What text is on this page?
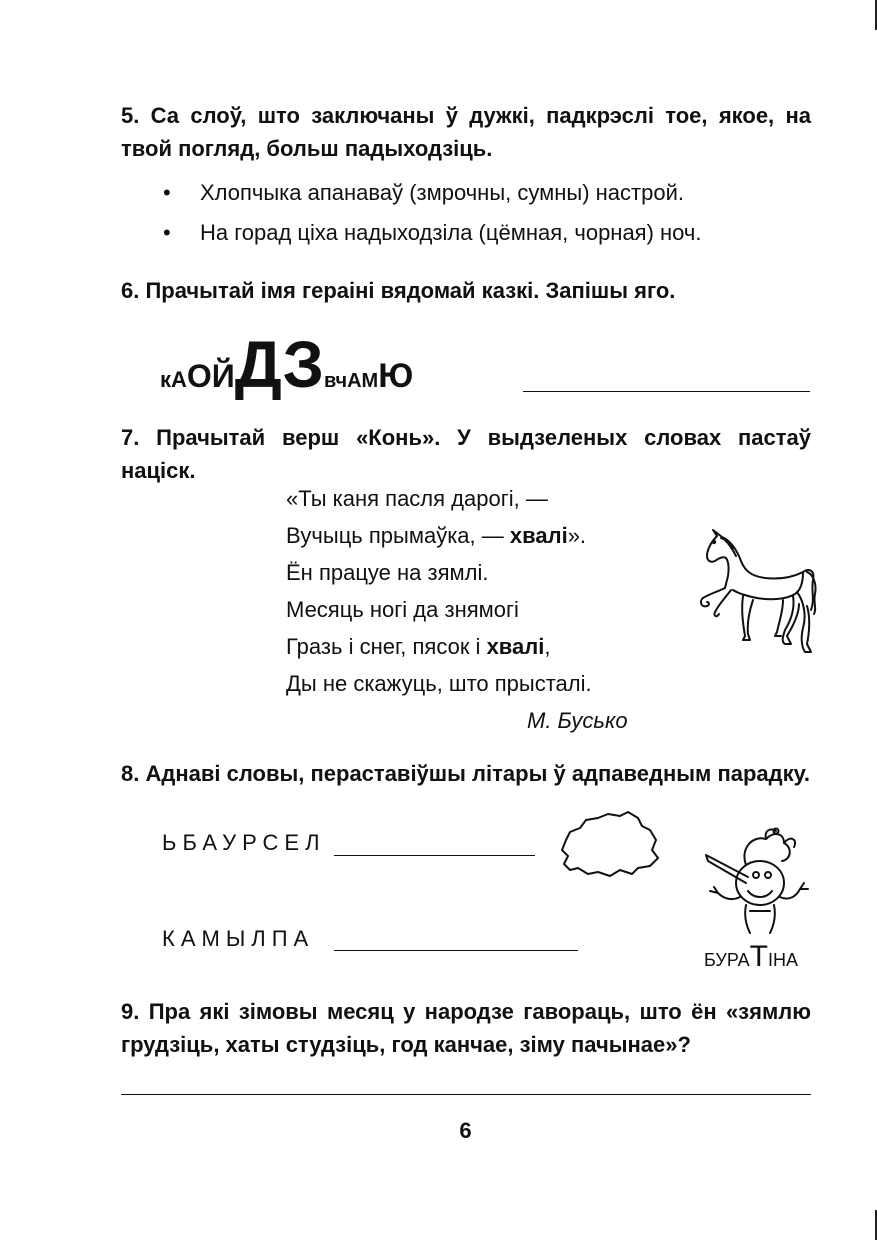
5. Са слоў, што заключаны ў дужкі, падкрэслі тое, якое, на твой погляд, больш падыходзіць.

• Хлопчыка апанаваў (змрочны, сумны) настрой.
• На горад ціха надыходзіла (цёмная, чорная) ноч.

6. Прачытай імя гераіні вядомай казкі. Запішы яго.

кА ОЙ ДЗ вчАМ Ю

7. Прачытай верш «Конь». У выдзеленых словах пастаў націск.

«Ты каня пасля дарогі, —
Вучыць прымаўка, — хвалі».
Ён працуе на зямлі.
Месяць ногі да знямогі
Гразь і снег, пясок і хвалі,
Ды не скажуць, што прысталі.
М. Бусько

8. Аднаві словы, пераставіўшы літары ў адпаведным парадку.

ЬБАУРСЕЛ
КАМЫЛПА
БУРАТІНА

9. Пра які зімовы месяц у народзе гавораць, што ён «зямлю грудзіць, хаты студзіць, год канчае, зіму пачынае»?

6
